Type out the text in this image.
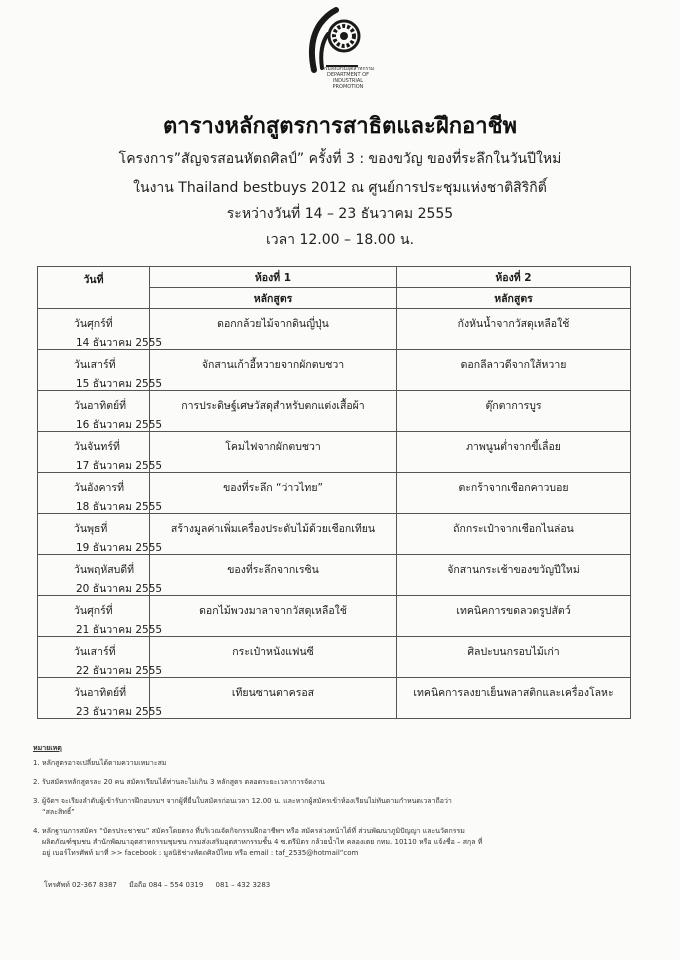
กรมส่งเสริมอุตสาหกรรม
DEPARTMENT OF INDUSTRIAL PROMOTION
ตารางหลักสูตรการสาธิตและฝึกอาชีพ
โครงการ”สัญจรสอนหัตถศิลป์” ครั้งที่ 3 : ของขวัญ ของที่ระลึกในวันปีใหม่
ในงาน Thailand bestbuys 2012 ณ ศูนย์การประชุมแห่งชาติสิริกิติ์
ระหว่างวันที่ 14 – 23 ธันวาคม 2555
เวลา 12.00 – 18.00 น.
วันที่	ห้องที่ 1	ห้องที่ 2
	หลักสูตร	หลักสูตร

วันศุกร์ที่
14 ธันวาคม 2555	ดอกกล้วยไม้จากดินญี่ปุ่น	กังหันน้ำจากวัสดุเหลือใช้

วันเสาร์ที่
15 ธันวาคม 2555	จักสานเก้าอี้หวายจากผักตบชวา	ดอกลีลาวดีจากใส้หวาย

วันอาทิตย์ที่
16 ธันวาคม 2555	การประดิษฐ์เศษวัสดุสำหรับตกแต่งเสื้อผ้า	ตุ๊กตาการบูร

วันจันทร์ที่
17 ธันวาคม 2555	โคมไฟจากผักตบชวา	ภาพนูนต่ำจากขี้เลื่อย

วันอังคารที่
18 ธันวาคม 2555	ของที่ระลึก “ว่าวไทย”	ตะกร้าจากเชือกคาวบอย

วันพุธที่
19 ธันวาคม 2555	สร้างมูลค่าเพิ่มเครื่องประดับไม้ด้วยเชือกเทียน	ถักกระเป๋าจากเชือกไนล่อน

วันพฤหัสบดีที่
20 ธันวาคม 2555	ของที่ระลึกจากเรซิน	จักสานกระเช้าของขวัญปีใหม่

วันศุกร์ที่
21 ธันวาคม 2555	ดอกไม้พวงมาลาจากวัสดุเหลือใช้	เทคนิคการขดลวดรูปสัตว์

วันเสาร์ที่
22 ธันวาคม 2555	กระเป๋าหนังแฟนซี	ศิลปะบนกรอบไม้เก่า

วันอาทิตย์ที่
23 ธันวาคม 2555	เทียนซานตาครอส	เทคนิคการลงยาเย็นพลาสติกและเครื่องโลหะ
หมายเหตุ
1. หลักสูตรอาจเปลี่ยนได้ตามความเหมาะสม
2. รับสมัครหลักสูตรละ 20 คน สมัครเรียนได้ท่านละไม่เกิน 3 หลักสูตร ตลอดระยะเวลาการจัดงาน
3. ผู้จัดฯ จะเรียงลำดับผู้เข้ารับการฝึกอบรมฯ จากผู้ที่ยื่นใบสมัครก่อนเวลา 12.00 น. และหากผู้สมัครเข้าห้องเรียนไม่ทันตามกำหนดเวลาถือว่า
“สละสิทธิ์”
4. หลักฐานการสมัคร “บัตรประชาชน” สมัครโดยตรง ที่บริเวณจัดกิจกรรมฝึกอาชีพฯ หรือ สมัครล่วงหน้าได้ที่ ส่วนพัฒนาภูมิปัญญา และนวัตกรรม
ผลิตภัณฑ์ชุมชน สำนักพัฒนาอุตสาหกรรมชุมชน กรมส่งเสริมอุตสาหกรรมชั้น 4 ซ.ตรีมิตร กล้วยน้ำไท คลองเตย กทม. 10110 หรือ แจ้งชื่อ – สกุล ที่
อยู่ เบอร์โทรศัพท์ มาที่ >> facebook : มูลนิธิช่างหัตถศิลป์ไทย หรือ email : taf_2535@hotmail”com
โทรศัพท์ 02-367 8387 มือถือ 084 – 554 0319 081 – 432 3283
